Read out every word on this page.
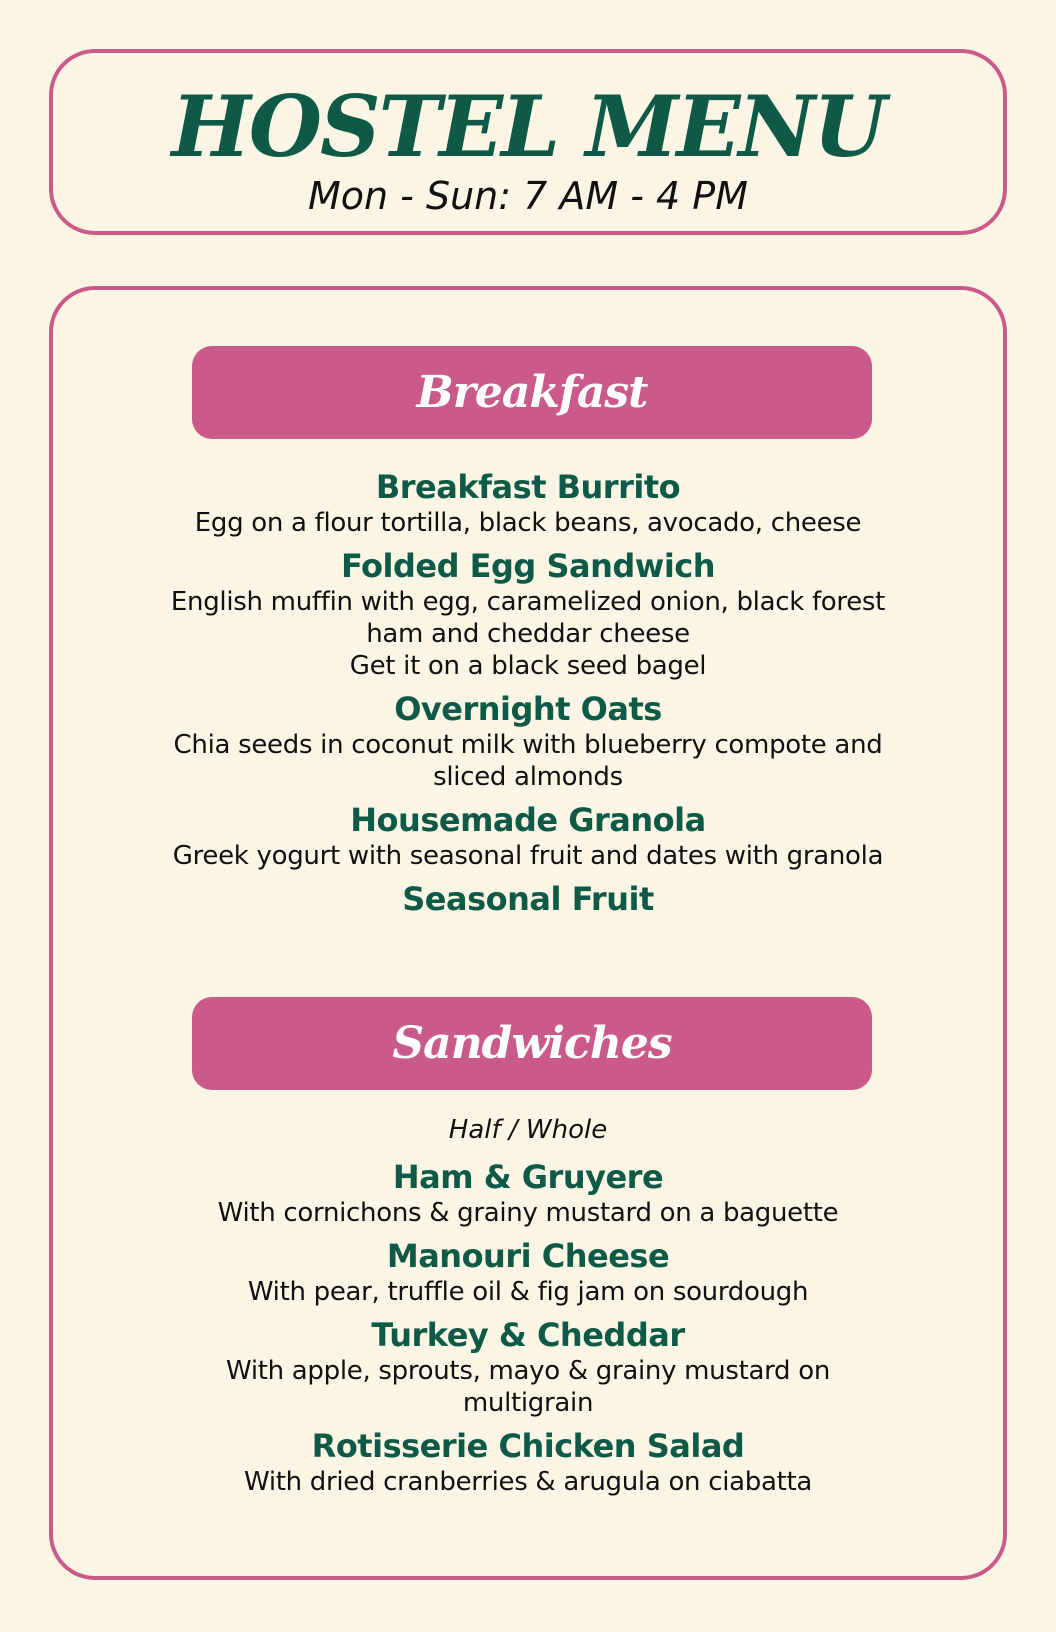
HOSTEL MENU
Mon - Sun: 7 AM - 4 PM
Breakfast
Breakfast Burrito
Egg on a flour tortilla, black beans, avocado, cheese
Folded Egg Sandwich
English muffin with egg, caramelized onion, black forest
ham and cheddar cheese
Get it on a black seed bagel
Overnight Oats
Chia seeds in coconut milk with blueberry compote and
sliced almonds
Housemade Granola
Greek yogurt with seasonal fruit and dates with granola
Seasonal Fruit
Sandwiches
Half / Whole
Ham & Gruyere
With cornichons & grainy mustard on a baguette
Manouri Cheese
With pear, truffle oil & fig jam on sourdough
Turkey & Cheddar
With apple, sprouts, mayo & grainy mustard on
multigrain
Rotisserie Chicken Salad
With dried cranberries & arugula on ciabatta
